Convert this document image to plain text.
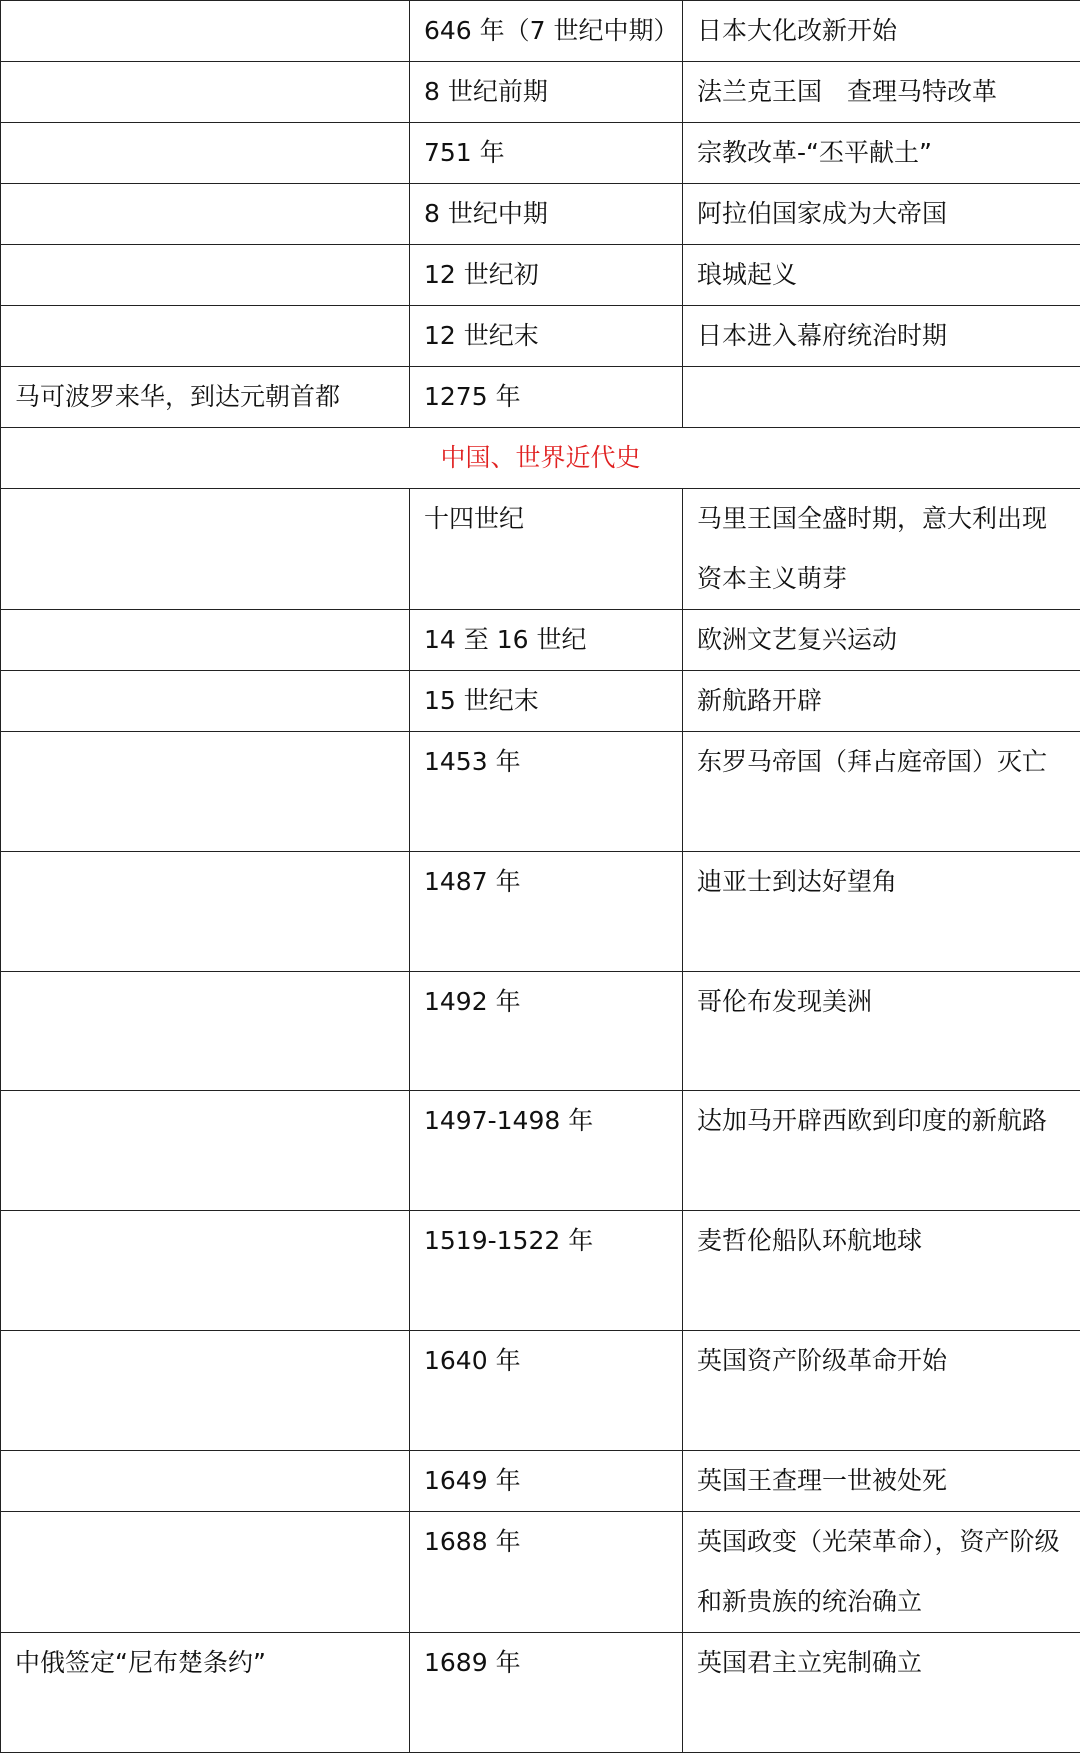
	646 年（7 世纪中期）	日本大化改新开始

	8 世纪前期	法兰克王国　查理马特改革

	751 年	宗教改革-“丕平献土”

	8 世纪中期	阿拉伯国家成为大帝国

	12 世纪初	琅城起义

	12 世纪末	日本进入幕府统治时期

马可波罗来华，到达元朝首都	1275 年	

中国、世界近代史		

	十四世纪	马里王国全盛时期，意大利出现资本主义萌芽

	14 至 16 世纪	欧洲文艺复兴运动

	15 世纪末	新航路开辟

	1453 年	东罗马帝国（拜占庭帝国）灭亡

	1487 年	迪亚士到达好望角

	1492 年	哥伦布发现美洲

	1497-1498 年	达加马开辟西欧到印度的新航路

	1519-1522 年	麦哲伦船队环航地球

	1640 年	英国资产阶级革命开始

	1649 年	英国王查理一世被处死

	1688 年	英国政变（光荣革命），资产阶级和新贵族的统治确立

中俄签定“尼布楚条约”	1689 年	英国君主立宪制确立
